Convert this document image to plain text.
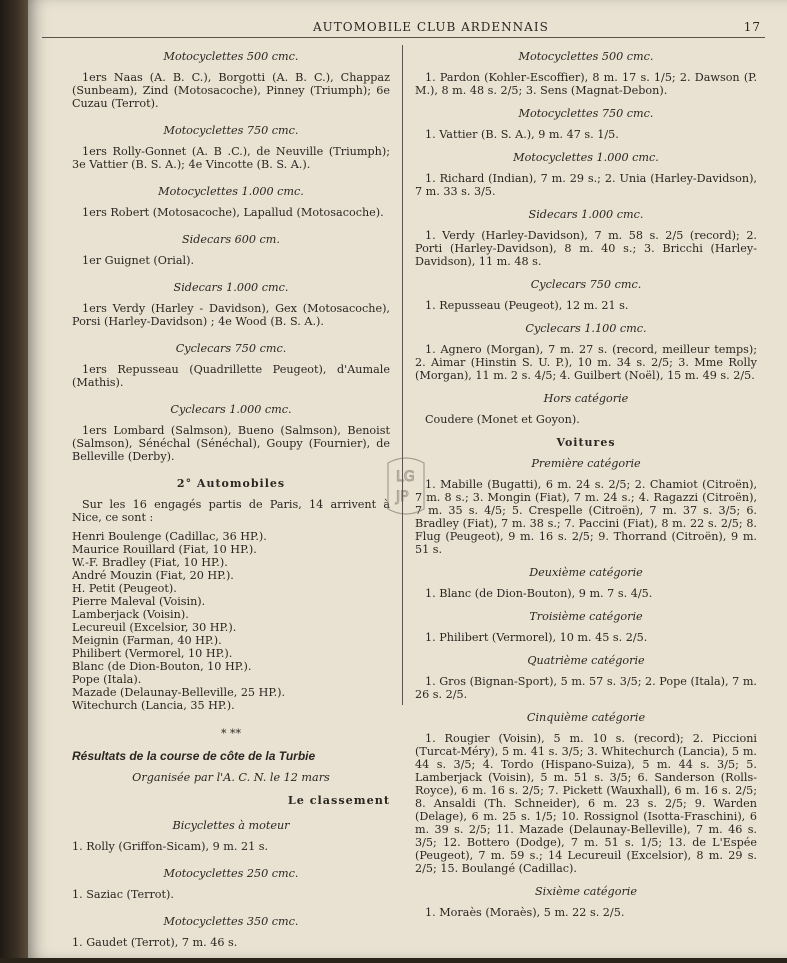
AUTOMOBILE CLUB ARDENNAIS	17
Motocyclettes 500 cmc.
1ers Naas (A. B. C.), Borgotti (A. B. C.), Chappaz (Sunbeam), Zind (Motosacoche), Pinney (Triumph); 6e Cuzau (Terrot).
Motocyclettes 750 cmc.
1ers Rolly-Gonnet (A. B .C.), de Neuville (Triumph); 3e Vattier (B. S. A.); 4e Vincotte (B. S. A.).
Motocyclettes 1.000 cmc.
1ers Robert (Motosacoche), Lapallud (Motosacoche).
Sidecars 600 cm.
1er Guignet (Orial).
Sidecars 1.000 cmc.
1ers Verdy (Harley - Davidson), Gex (Motosacoche), Porsi (Harley-Davidson) ; 4e Wood (B. S. A.).
Cyclecars 750 cmc.
1ers Repusseau (Quadrillette Peugeot), d'Aumale (Mathis).
Cyclecars 1.000 cmc.
1ers Lombard (Salmson), Bueno (Salmson), Benoist (Salmson), Sénéchal (Sénéchal), Goupy (Fournier), de Belleville (Derby).
2° Automobiles
Sur les 16 engagés partis de Paris, 14 arrivent à Nice, ce sont :
Henri Boulenge (Cadillac, 36 HP.).
Maurice Rouillard (Fiat, 10 HP.).
W.-F. Bradley (Fiat, 10 HP.).
André Mouzin (Fiat, 20 HP.).
H. Petit (Peugeot).
Pierre Maleval (Voisin).
Lamberjack (Voisin).
Lecureuil (Excelsior, 30 HP.).
Meignin (Farman, 40 HP.).
Philibert (Vermorel, 10 HP.).
Blanc (de Dion-Bouton, 10 HP.).
Pope (Itala).
Mazade (Delaunay-Belleville, 25 HP.).
Witechurch (Lancia, 35 HP.).
* **
Résultats de la course de côte de la Turbie
Organisée par l'A. C. N. le 12 mars
Le classement
Bicyclettes à moteur
1. Rolly (Griffon-Sicam), 9 m. 21 s.
Motocyclettes 250 cmc.
1. Saziac (Terrot).
Motocyclettes 350 cmc.
1. Gaudet (Terrot), 7 m. 46 s.
Motocyclettes 500 cmc.
1. Pardon (Kohler-Escoffier), 8 m. 17 s. 1/5; 2. Dawson (P. M.), 8 m. 48 s. 2/5; 3. Sens (Magnat-Debon).
Motocyclettes 750 cmc.
1. Vattier (B. S. A.), 9 m. 47 s. 1/5.
Motocyclettes 1.000 cmc.
1. Richard (Indian), 7 m. 29 s.; 2. Unia (Harley-Davidson), 7 m. 33 s. 3/5.
Sidecars 1.000 cmc.
1. Verdy (Harley-Davidson), 7 m. 58 s. 2/5 (record); 2. Porti (Harley-Davidson), 8 m. 40 s.; 3. Bricchi (Harley-Davidson), 11 m. 48 s.
Cyclecars 750 cmc.
1. Repusseau (Peugeot), 12 m. 21 s.
Cyclecars 1.100 cmc.
1. Agnero (Morgan), 7 m. 27 s. (record, meilleur temps); 2. Aimar (Hinstin S. U. P.), 10 m. 34 s. 2/5; 3. Mme Rolly (Morgan), 11 m. 2 s. 4/5; 4. Guilbert (Noël), 15 m. 49 s. 2/5.
Hors catégorie
Coudere (Monet et Goyon).
Voitures
Première catégorie
1. Mabille (Bugatti), 6 m. 24 s. 2/5; 2. Chamiot (Citroën), 7 m. 8 s.; 3. Mongin (Fiat), 7 m. 24 s.; 4. Ragazzi (Citroën), 7 m. 35 s. 4/5; 5. Crespelle (Citroën), 7 m. 37 s. 3/5; 6. Bradley (Fiat), 7 m. 38 s.; 7. Paccini (Fiat), 8 m. 22 s. 2/5; 8. Flug (Peugeot), 9 m. 16 s. 2/5; 9. Thorrand (Citroën), 9 m. 51 s.
Deuxième catégorie
1. Blanc (de Dion-Bouton), 9 m. 7 s. 4/5.
Troisième catégorie
1. Philibert (Vermorel), 10 m. 45 s. 2/5.
Quatrième catégorie
1. Gros (Bignan-Sport), 5 m. 57 s. 3/5; 2. Pope (Itala), 7 m. 26 s. 2/5.
Cinquième catégorie
1. Rougier (Voisin), 5 m. 10 s. (record); 2. Piccioni (Turcat-Méry), 5 m. 41 s. 3/5; 3. Whitechurch (Lancia), 5 m. 44 s. 3/5; 4. Tordo (Hispano-Suiza), 5 m. 44 s. 3/5; 5. Lamberjack (Voisin), 5 m. 51 s. 3/5; 6. Sanderson (Rolls-Royce), 6 m. 16 s. 2/5; 7. Pickett (Wauxhall), 6 m. 16 s. 2/5; 8. Ansaldi (Th. Schneider), 6 m. 23 s. 2/5; 9. Warden (Delage), 6 m. 25 s. 1/5; 10. Rossignol (Isotta-Fraschini), 6 m. 39 s. 2/5; 11. Mazade (Delaunay-Belleville), 7 m. 46 s. 3/5; 12. Bottero (Dodge), 7 m. 51 s. 1/5; 13. de L'Espée (Peugeot), 7 m. 59 s.; 14 Lecureuil (Excelsior), 8 m. 29 s. 2/5; 15. Boulangé (Cadillac).
Sixième catégorie
1. Moraès (Moraès), 5 m. 22 s. 2/5.
LG
JP
